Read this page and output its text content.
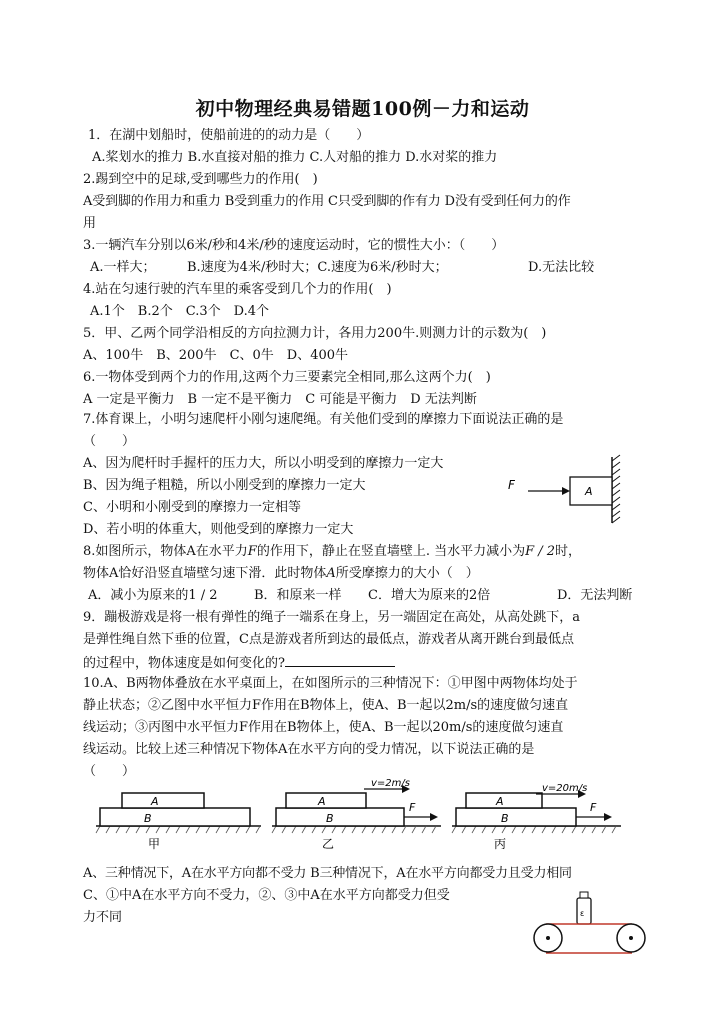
初中物理经典易错题100例－力和运动
1．在湖中划船时，使船前进的的动力是（　　）
A.桨划水的推力 B.水直接对船的推力 C.人对船的推力 D.水对桨的推力
2.踢到空中的足球,受到哪些力的作用(　)
A受到脚的作用力和重力 B受到重力的作用 C只受到脚的作有力 D没有受到任何力的作
用
3.一辆汽车分别以6米/秒和4米/秒的速度运动时，它的惯性大小：（　　）
A.一样大； B.速度为4米/秒时大；C.速度为6米/秒时大；	D.无法比较
4.站在匀速行驶的汽车里的乘客受到几个力的作用(　)
A.1个　B.2个　C.3个　D.4个
5．甲、乙两个同学沿相反的方向拉测力计，各用力200牛.则测力计的示数为(　)
A、100牛　B、200牛　C、0牛　D、400牛
6.一物体受到两个力的作用,这两个力三要素完全相同,那么这两个力(　)
A 一定是平衡力　B 一定不是平衡力　C 可能是平衡力　D 无法判断
7.体育课上，小明匀速爬杆小刚匀速爬绳。有关他们受到的摩擦力下面说法正确的是
（　　）
A、因为爬杆时手握杆的压力大，所以小明受到的摩擦力一定大
B、因为绳子粗糙，所以小刚受到的摩擦力一定大
C、小明和小刚受到的摩擦力一定相等
D、若小明的体重大，则他受到的摩擦力一定大
F	A
8.如图所示，物体A在水平力F的作用下，静止在竖直墙壁上. 当水平力减小为F / 2时，
物体A恰好沿竖直墙壁匀速下滑．此时物体A所受摩擦力的大小（　）
A．减小为原来的1 / 2	B．和原来一样 C．增大为原来的2倍	D．无法判断
9．蹦极游戏是将一根有弹性的绳子一端系在身上，另一端固定在高处，从高处跳下，a
是弹性绳自然下垂的位置，C点是游戏者所到达的最低点，游戏者从离开跳台到最低点
的过程中，物体速度是如何变化的?
10.A、B两物体叠放在水平桌面上，在如图所示的三种情况下：①甲图中两物体均处于
静止状态；②乙图中水平恒力F作用在B物体上，使A、B一起以2m/s的速度做匀速直
线运动；③丙图中水平恒力F作用在B物体上，使A、B一起以20m/s的速度做匀速直
线运动。比较上述三种情况下物体A在水平方向的受力情况，以下说法正确的是
（　　）
A
B
甲
A
B
F
v=2m/s
乙
A
B
F
v=20m/s
丙
A、三种情况下，A在水平方向都不受力 B三种情况下，A在水平方向都受力且受力相同
C、①中A在水平方向不受力，②、③中A在水平方向都受力但受
力不同	ε
